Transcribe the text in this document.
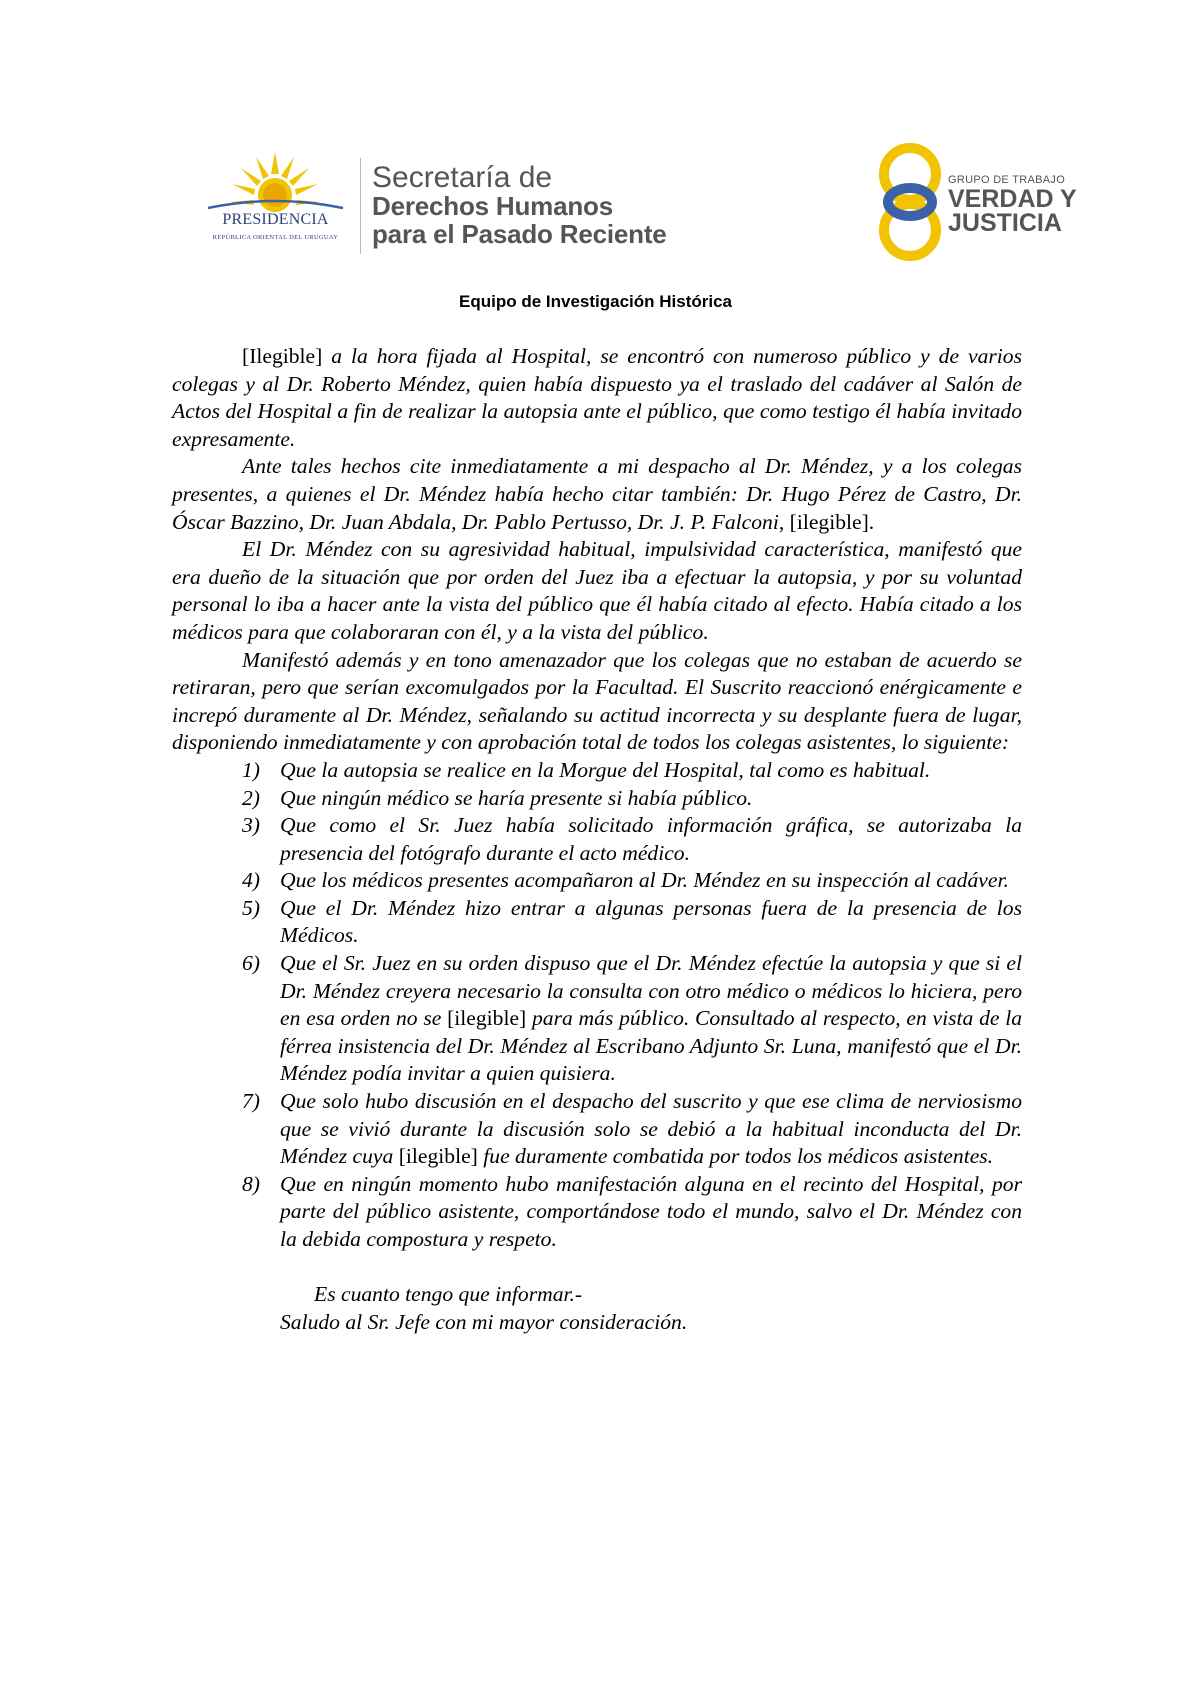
PRESIDENCIA
REPÚBLICA ORIENTAL DEL URUGUAY
Secretaría de
Derechos Humanos
para el Pasado Reciente
GRUPO DE TRABAJO
VERDAD Y
JUSTICIA
Equipo de Investigación Histórica

[Ilegible] a la hora fijada al Hospital, se encontró con numeroso público y de varios colegas y al Dr. Roberto Méndez, quien había dispuesto ya el traslado del cadáver al Salón de Actos del Hospital a fin de realizar la autopsia ante el público, que como testigo él había invitado expresamente.

Ante tales hechos cite inmediatamente a mi despacho al Dr. Méndez, y a los colegas presentes, a quienes el Dr. Méndez había hecho citar también: Dr. Hugo Pérez de Castro, Dr. Óscar Bazzino, Dr. Juan Abdala, Dr. Pablo Pertusso, Dr. J. P. Falconi, [ilegible].

El Dr. Méndez con su agresividad habitual, impulsividad característica, manifestó que era dueño de la situación que por orden del Juez iba a efectuar la autopsia, y por su voluntad personal lo iba a hacer ante la vista del público que él había citado al efecto. Había citado a los médicos para que colaboraran con él, y a la vista del público.

Manifestó además y en tono amenazador que los colegas que no estaban de acuerdo se retiraran, pero que serían excomulgados por la Facultad. El Suscrito reaccionó enérgicamente e increpó duramente al Dr. Méndez, señalando su actitud incorrecta y su desplante fuera de lugar, disponiendo inmediatamente y con aprobación total de todos los colegas asistentes, lo siguiente:

1) Que la autopsia se realice en la Morgue del Hospital, tal como es habitual.
2) Que ningún médico se haría presente si había público.
3) Que como el Sr. Juez había solicitado información gráfica, se autorizaba la presencia del fotógrafo durante el acto médico.
4) Que los médicos presentes acompañaron al Dr. Méndez en su inspección al cadáver.
5) Que el Dr. Méndez hizo entrar a algunas personas fuera de la presencia de los Médicos.
6) Que el Sr. Juez en su orden dispuso que el Dr. Méndez efectúe la autopsia y que si el Dr. Méndez creyera necesario la consulta con otro médico o médicos lo hiciera, pero en esa orden no se [ilegible] para más público. Consultado al respecto, en vista de la férrea insistencia del Dr. Méndez al Escribano Adjunto Sr. Luna, manifestó que el Dr. Méndez podía invitar a quien quisiera.
7) Que solo hubo discusión en el despacho del suscrito y que ese clima de nerviosismo que se vivió durante la discusión solo se debió a la habitual inconducta del Dr. Méndez cuya [ilegible] fue duramente combatida por todos los médicos asistentes.
8) Que en ningún momento hubo manifestación alguna en el recinto del Hospital, por parte del público asistente, comportándose todo el mundo, salvo el Dr. Méndez con la debida compostura y respeto.
Es cuanto tengo que informar.-
Saludo al Sr. Jefe con mi mayor consideración.
